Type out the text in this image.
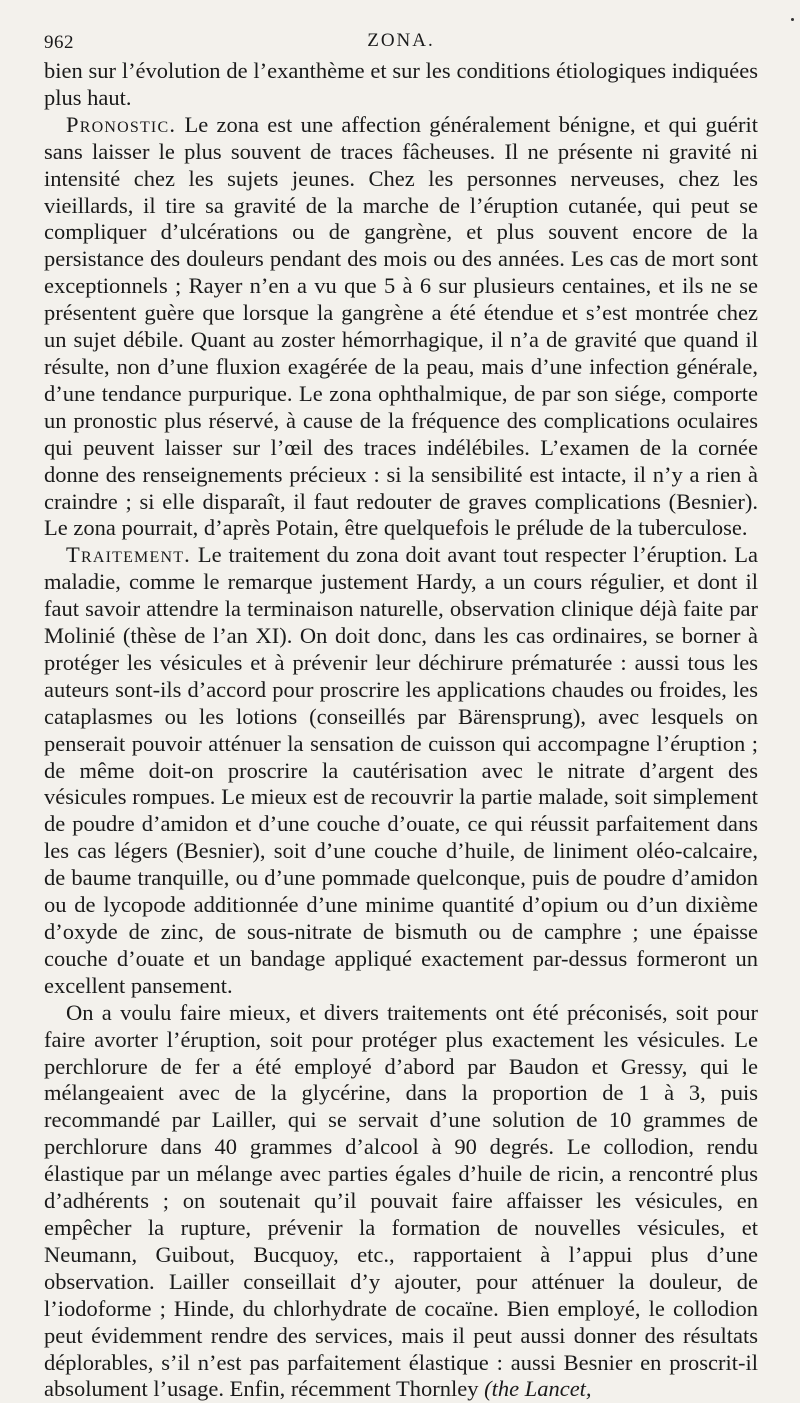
962	ZONA.

bien sur l’évolution de l’exanthème et sur les conditions étiologiques indiquées plus haut.

Pronostic. Le zona est une affection généralement bénigne, et qui guérit sans laisser le plus souvent de traces fâcheuses. Il ne présente ni gravité ni intensité chez les sujets jeunes. Chez les personnes nerveuses, chez les vieillards, il tire sa gravité de la marche de l’éruption cutanée, qui peut se compliquer d’ulcérations ou de gangrène, et plus souvent encore de la persistance des douleurs pendant des mois ou des années. Les cas de mort sont exceptionnels ; Rayer n’en a vu que 5 à 6 sur plusieurs centaines, et ils ne se présentent guère que lorsque la gangrène a été étendue et s’est montrée chez un sujet débile. Quant au zoster hémorrhagique, il n’a de gravité que quand il résulte, non d’une fluxion exagérée de la peau, mais d’une infection générale, d’une tendance purpurique. Le zona ophthalmique, de par son siége, comporte un pronostic plus réservé, à cause de la fréquence des complications oculaires qui peuvent laisser sur l’œil des traces indélébiles. L’examen de la cornée donne des renseignements précieux : si la sensibilité est intacte, il n’y a rien à craindre ; si elle disparaît, il faut redouter de graves complications (Besnier). Le zona pourrait, d’après Potain, être quelquefois le prélude de la tuberculose.

Traitement. Le traitement du zona doit avant tout respecter l’éruption. La maladie, comme le remarque justement Hardy, a un cours régulier, et dont il faut savoir attendre la terminaison naturelle, observation clinique déjà faite par Molinié (thèse de l’an XI). On doit donc, dans les cas ordinaires, se borner à protéger les vésicules et à prévenir leur déchirure prématurée : aussi tous les auteurs sont-ils d’accord pour proscrire les applications chaudes ou froides, les cataplasmes ou les lotions (conseillés par Bärensprung), avec lesquels on penserait pouvoir atténuer la sensation de cuisson qui accompagne l’éruption ; de même doit-on proscrire la cautérisation avec le nitrate d’argent des vésicules rompues. Le mieux est de recouvrir la partie malade, soit simplement de poudre d’amidon et d’une couche d’ouate, ce qui réussit parfaitement dans les cas légers (Besnier), soit d’une couche d’huile, de liniment oléo-calcaire, de baume tranquille, ou d’une pommade quelconque, puis de poudre d’amidon ou de lycopode additionnée d’une minime quantité d’opium ou d’un dixième d’oxyde de zinc, de sous-nitrate de bismuth ou de camphre ; une épaisse couche d’ouate et un bandage appliqué exactement par-dessus formeront un excellent pansement.

On a voulu faire mieux, et divers traitements ont été préconisés, soit pour faire avorter l’éruption, soit pour protéger plus exactement les vésicules. Le perchlorure de fer a été employé d’abord par Baudon et Gressy, qui le mélangeaient avec de la glycérine, dans la proportion de 1 à 3, puis recommandé par Lailler, qui se servait d’une solution de 10 grammes de perchlorure dans 40 grammes d’alcool à 90 degrés. Le collodion, rendu élastique par un mélange avec parties égales d’huile de ricin, a rencontré plus d’adhérents ; on soutenait qu’il pouvait faire affaisser les vésicules, en empêcher la rupture, prévenir la formation de nouvelles vésicules, et Neumann, Guibout, Bucquoy, etc., rapportaient à l’appui plus d’une observation. Lailler conseillait d’y ajouter, pour atténuer la douleur, de l’iodoforme ; Hinde, du chlorhydrate de cocaïne. Bien employé, le collodion peut évidemment rendre des services, mais il peut aussi donner des résultats déplorables, s’il n’est pas parfaitement élastique : aussi Besnier en proscrit-il absolument l’usage. Enfin, récemment Thornley (the Lancet,
